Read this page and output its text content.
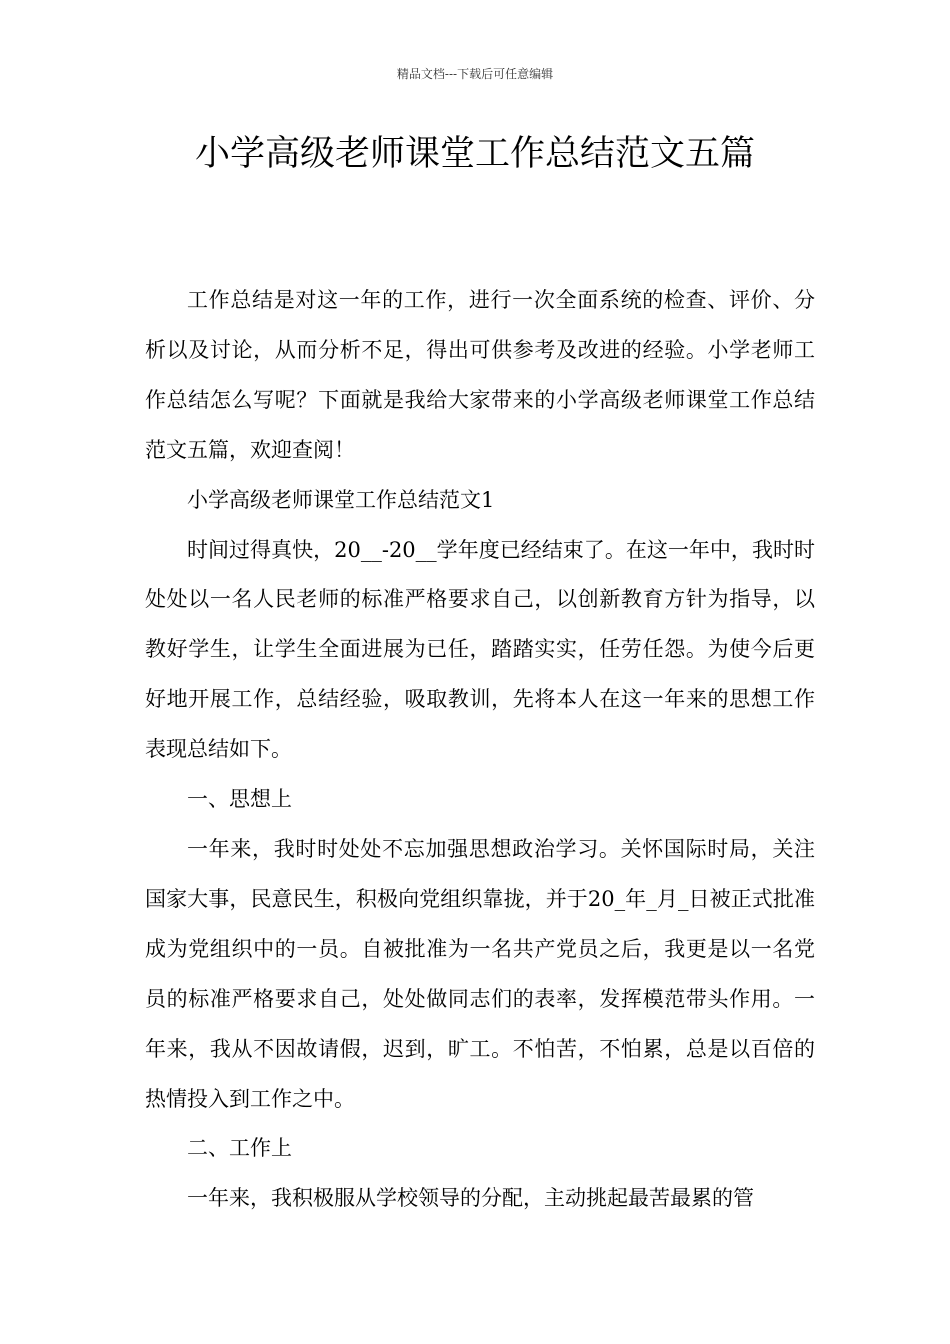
精品文档---下载后可任意编辑
小学高级老师课堂工作总结范文五篇

工作总结是对这一年的工作，进行一次全面系统的检查、评价、分析以及讨论，从而分析不足，得出可供参考及改进的经验。小学老师工作总结怎么写呢？下面就是我给大家带来的小学高级老师课堂工作总结范文五篇，欢迎查阅！

小学高级老师课堂工作总结范文1

时间过得真快，20__-20__学年度已经结束了。在这一年中，我时时处处以一名人民老师的标准严格要求自己，以创新教育方针为指导，以教好学生，让学生全面进展为已任，踏踏实实，任劳任怨。为使今后更好地开展工作，总结经验，吸取教训，先将本人在这一年来的思想工作表现总结如下。

一、思想上

一年来，我时时处处不忘加强思想政治学习。关怀国际时局，关注国家大事，民意民生，积极向党组织靠拢，并于20_年_月_日被正式批准成为党组织中的一员。自被批准为一名共产党员之后，我更是以一名党员的标准严格要求自己，处处做同志们的表率，发挥模范带头作用。一年来，我从不因故请假，迟到，旷工。不怕苦，不怕累，总是以百倍的热情投入到工作之中。

二、工作上

一年来，我积极服从学校领导的分配，主动挑起最苦最累的管
